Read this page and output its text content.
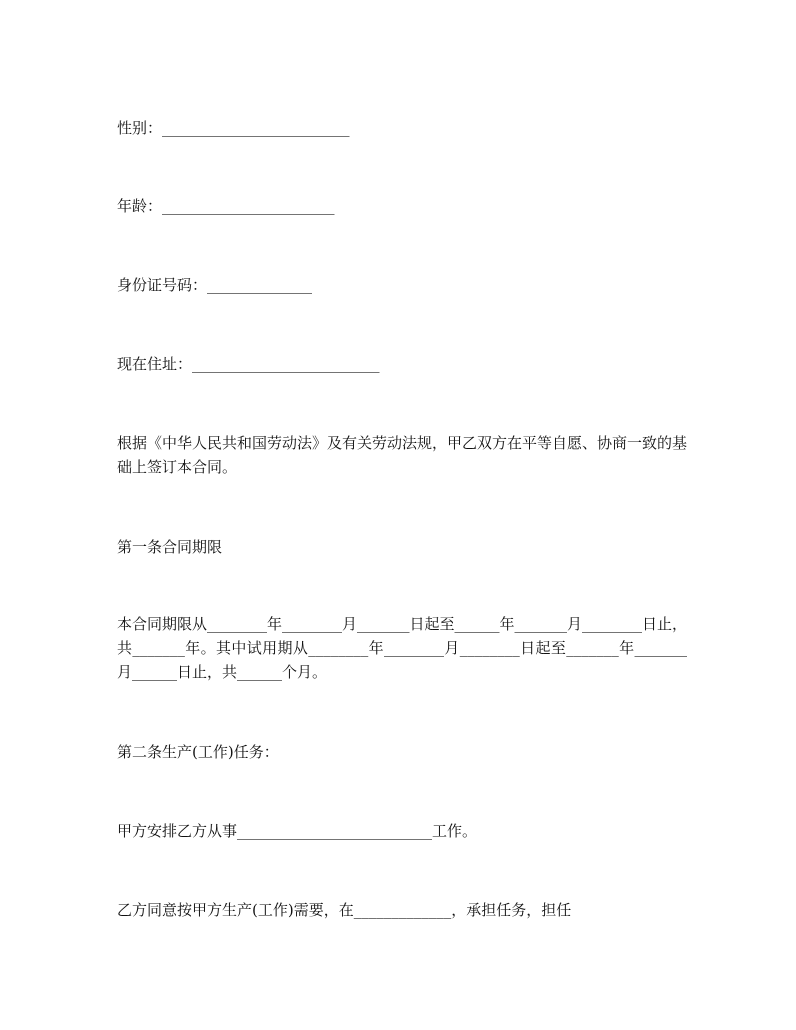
性别：_________________________

年龄：_______________________

身份证号码：______________

现在住址：_________________________

根据《中华人民共和国劳动法》及有关劳动法规，甲乙双方在平等自愿、协商一致的基础上签订本合同。

第一条合同期限

本合同期限从________年________月_______日起至______年_______月________日止，共_______年。其中试用期从________年________月________日起至_______年_______月______日止，共______个月。

第二条生产(工作)任务：

甲方安排乙方从事__________________________工作。

乙方同意按甲方生产(工作)需要，在_____________，承担任务，担任
